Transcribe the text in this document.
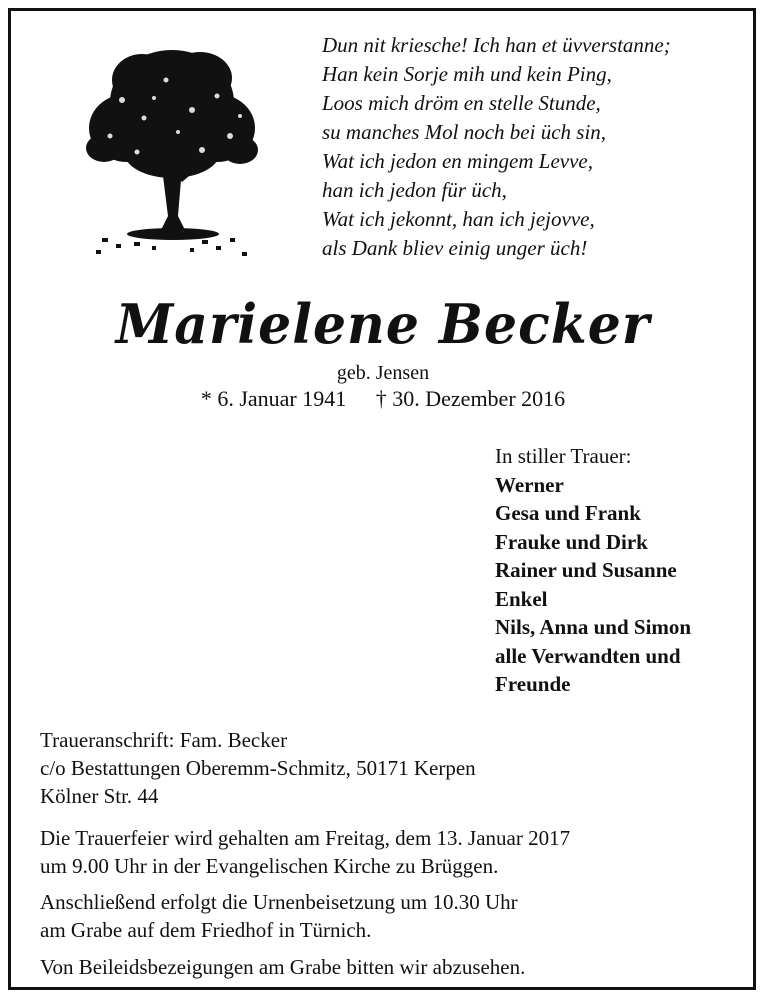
Dun nit kriesche! Ich han et üvverstanne;
Han kein Sorje mih und kein Ping,
Loos mich dröm en stelle Stunde,
su manches Mol noch bei üch sin,
Wat ich jedon en mingem Levve,
han ich jedon für üch,
Wat ich jekonnt, han ich jejovve,
als Dank bliev einig unger üch!
Marielene Becker
geb. Jensen
* 6. Januar 1941 † 30. Dezember 2016
In stiller Trauer:
Werner
Gesa und Frank
Frauke und Dirk
Rainer und Susanne
Enkel
Nils, Anna und Simon
alle Verwandten und
Freunde
Traueranschrift: Fam. Becker
c/o Bestattungen Oberemm-Schmitz, 50171 Kerpen
Kölner Str. 44
Die Trauerfeier wird gehalten am Freitag, dem 13. Januar 2017
um 9.00 Uhr in der Evangelischen Kirche zu Brüggen.
Anschließend erfolgt die Urnenbeisetzung um 10.30 Uhr
am Grabe auf dem Friedhof in Türnich.
Von Beileidsbezeigungen am Grabe bitten wir abzusehen.
